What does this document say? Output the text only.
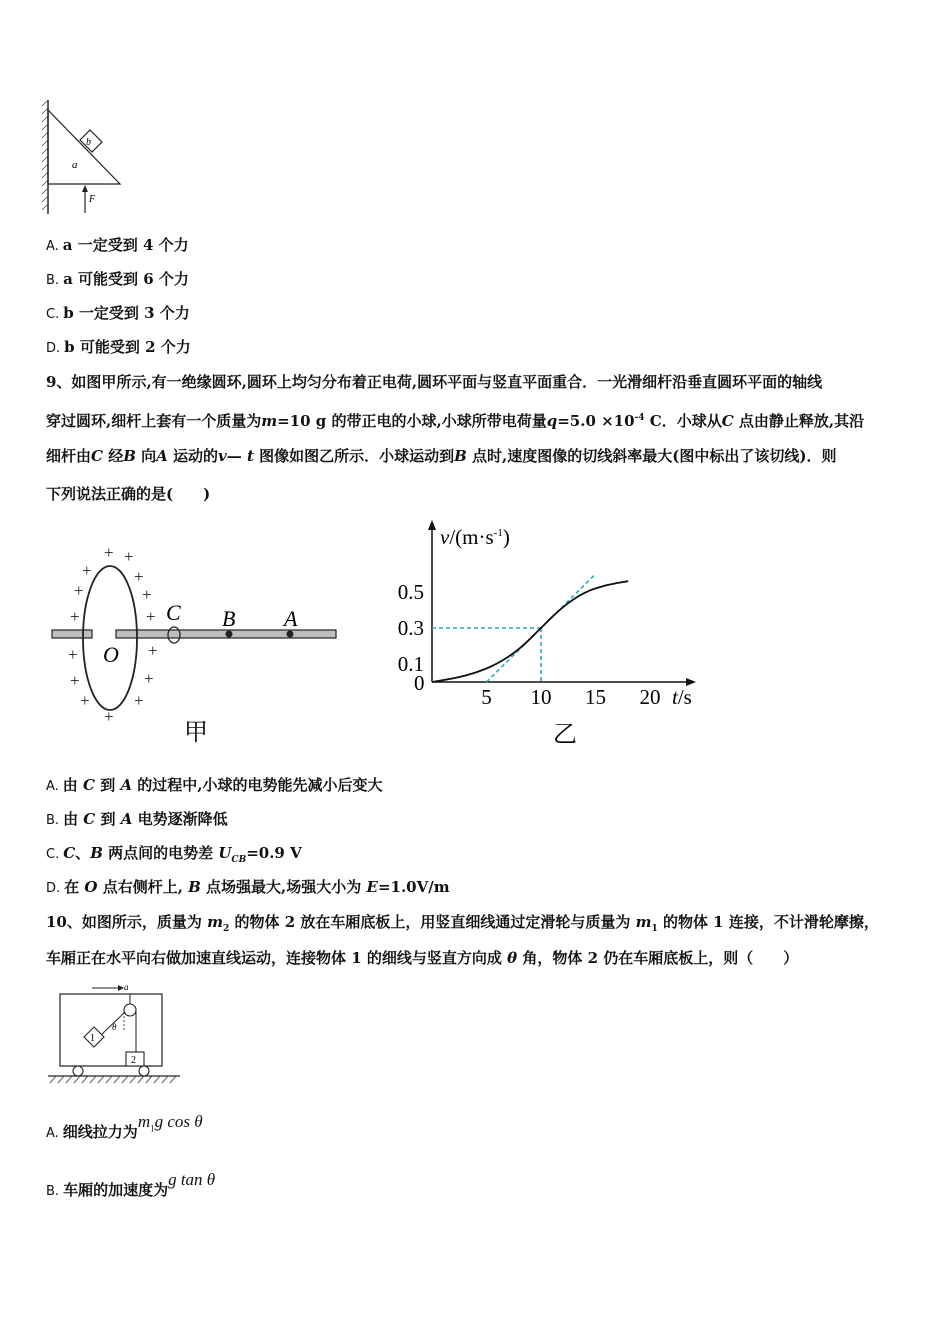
b
a
F
A. a 一定受到 4 个力
B. a 可能受到 6 个力
C. b 一定受到 3 个力
D. b 可能受到 2 个力
9、如图甲所示,有一绝缘圆环,圆环上均匀分布着正电荷,圆环平面与竖直平面重合．一光滑细杆沿垂直圆环平面的轴线
穿过圆环,细杆上套有一个质量为m=10 g 的带正电的小球,小球所带电荷量$q=5.0 \times 10^{-4}$ C．小球从C 点由静止释放,其沿
细杆由C 经B 向A 运动的v— t 图像如图乙所示．小球运动到B 点时,速度图像的切线斜率最大(图中标出了该切线)．则
下列说法正确的是(　　)
+ +
+ +
+	+
+	+
+	+
+	+
+	+
+
C B A
O
甲
$v/(m\cdot s^{-1})$
t/s
0
5 10 15 20
0.1
0.3
0.5
乙
A. 由 C 到 A 的过程中,小球的电势能先减小后变大
B. 由 C 到 A 电势逐渐降低
C. C、B 两点间的电势差 $U_{CB}=0.9$ V
D. 在 O 点右侧杆上, B 点场强最大,场强大小为 E=1.0V/m
10、如图所示，质量为 $m_2$ 的物体 2 放在车厢底板上，用竖直细线通过定滑轮与质量为 $m_1$ 的物体 1 连接，不计滑轮摩擦，
车厢正在水平向右做加速直线运动，连接物体 1 的细线与竖直方向成 θ 角，物体 2 仍在车厢底板上，则（　　）
a
θ
1
2
A. 细线拉力为$m_1g$ cos θ
B. 车厢的加速度为g tan θ
